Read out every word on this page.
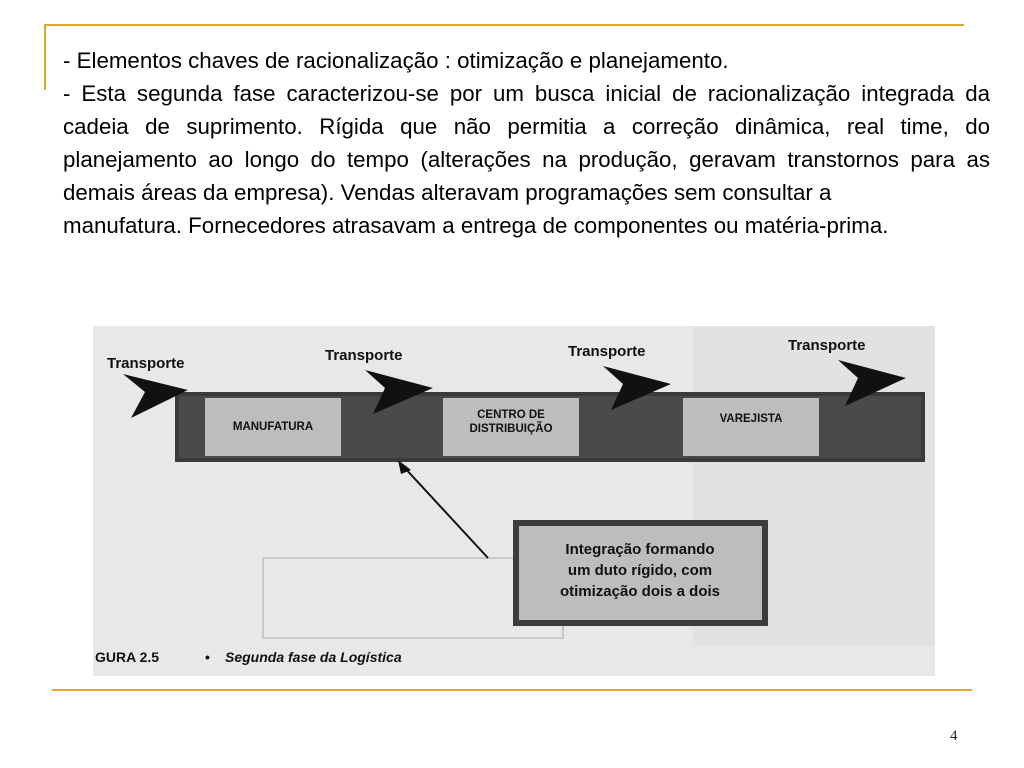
- Elementos chaves de racionalização : otimização e planejamento.

- Esta segunda fase caracterizou-se por um busca inicial de racionalização integrada da cadeia de suprimento. Rígida que não permitia a correção dinâmica, real time, do planejamento ao longo do tempo (alterações na produção, geravam transtornos para as demais áreas da empresa). Vendas alteravam programações sem consultar a

manufatura. Fornecedores atrasavam a entrega de componentes ou matéria-prima.

Transporte	Transporte	Transporte	Transporte
MANUFATURA
CENTRO DE
DISTRIBUIÇÃO
VAREJISTA
Integração formando
um duto rígido, com
otimização dois a dois
GURA 2.5	• Segunda fase da Logística
4
